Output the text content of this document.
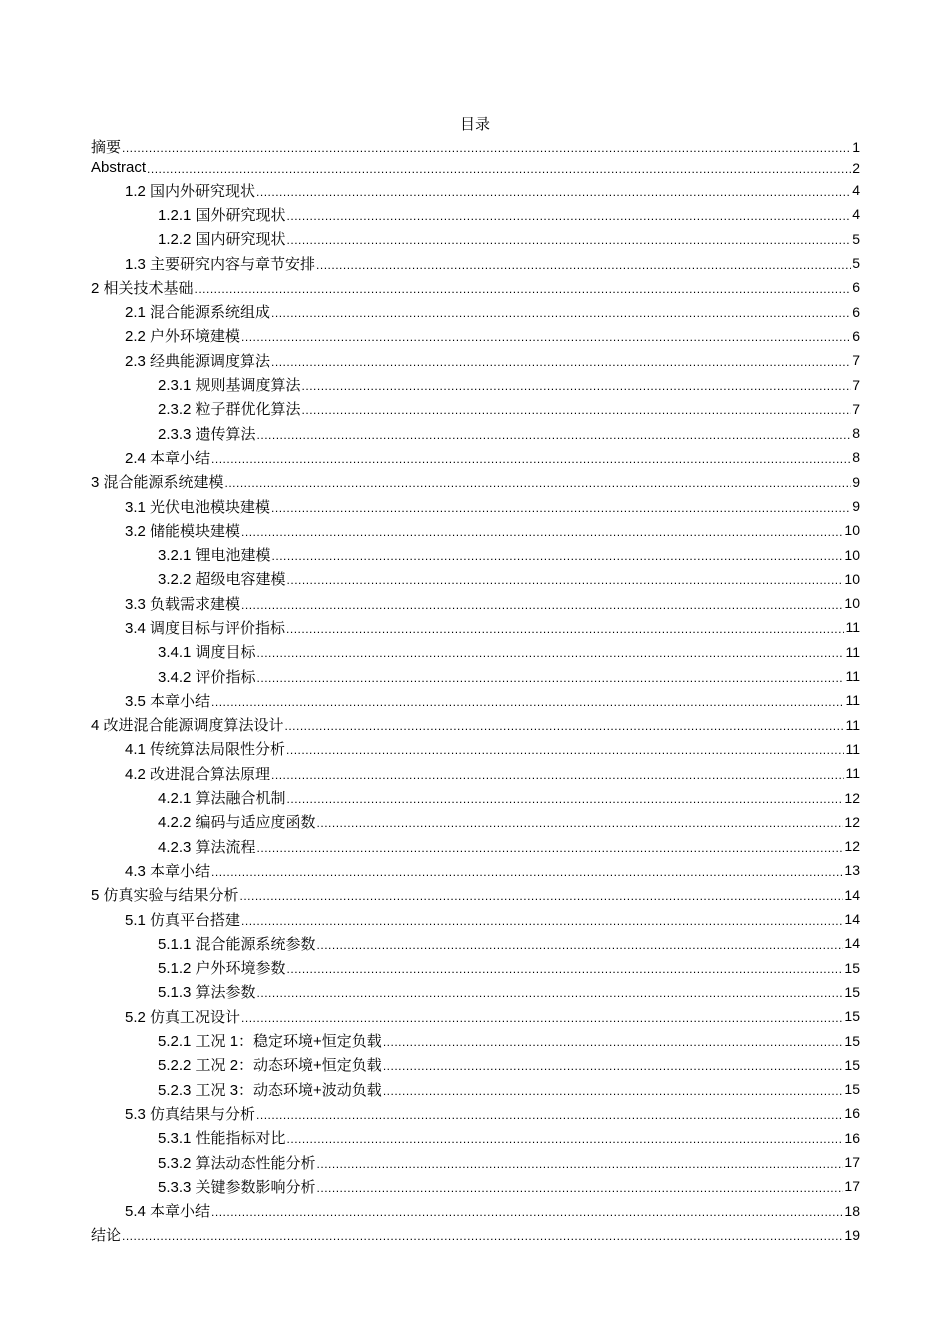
目录
摘要 .....	1
Abstract .....	2
1.2 国内外研究现状 .....	4
1.2.1 国外研究现状 .....	4
1.2.2 国内研究现状 .....	5
1.3 主要研究内容与章节安排 .....	5
2 相关技术基础 .....	6
2.1 混合能源系统组成 .....	6
2.2 户外环境建模 .....	6
2.3 经典能源调度算法 .....	7
2.3.1 规则基调度算法 .....	7
2.3.2 粒子群优化算法 .....	7
2.3.3 遗传算法 .....	8
2.4 本章小结 .....	8
3 混合能源系统建模 .....	9
3.1 光伏电池模块建模 .....	9
3.2 储能模块建模 .....	10
3.2.1 锂电池建模 .....	10
3.2.2 超级电容建模 .....	10
3.3 负载需求建模 .....	10
3.4 调度目标与评价指标 .....	11
3.4.1 调度目标 .....	11
3.4.2 评价指标 .....	11
3.5 本章小结 .....	11
4 改进混合能源调度算法设计 .....	11
4.1 传统算法局限性分析 .....	11
4.2 改进混合算法原理 .....	11
4.2.1 算法融合机制 .....	12
4.2.2 编码与适应度函数 .....	12
4.2.3 算法流程 .....	12
4.3 本章小结 .....	13
5 仿真实验与结果分析 .....	14
5.1 仿真平台搭建 .....	14
5.1.1 混合能源系统参数 .....	14
5.1.2 户外环境参数 .....	15
5.1.3 算法参数 .....	15
5.2 仿真工况设计 .....	15
5.2.1 工况 1：稳定环境+恒定负载 .....	15
5.2.2 工况 2：动态环境+恒定负载 .....	15
5.2.3 工况 3：动态环境+波动负载 .....	15
5.3 仿真结果与分析 .....	16
5.3.1 性能指标对比 .....	16
5.3.2 算法动态性能分析 .....	17
5.3.3 关键参数影响分析 .....	17
5.4 本章小结 .....	18
结论 .....	19
